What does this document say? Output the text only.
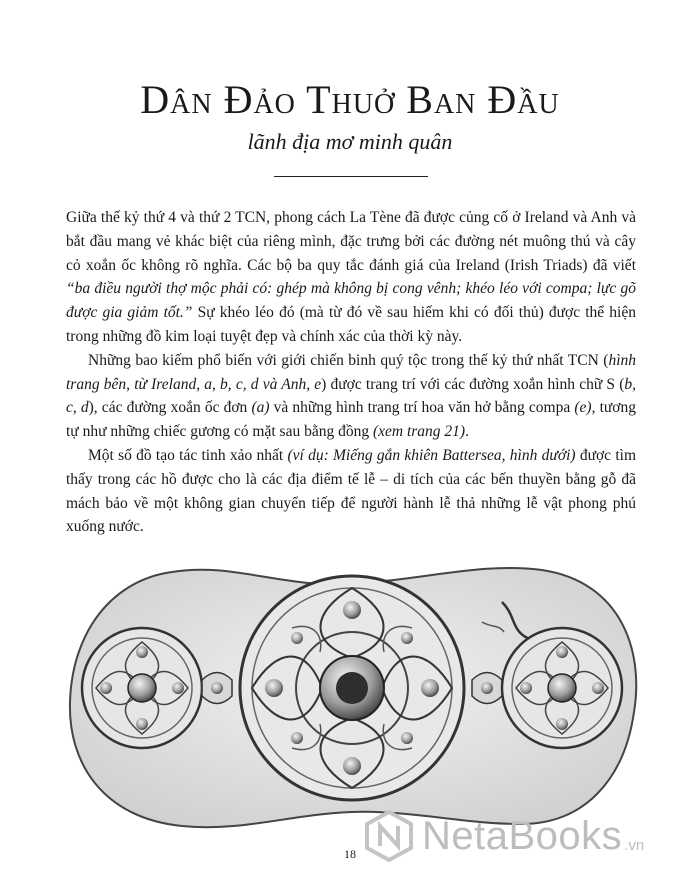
Dân Đảo Thuở Ban Đầu
lãnh địa mơ minh quân

Giữa thế kỷ thứ 4 và thứ 2 TCN, phong cách La Tène đã được củng cố ở Ireland và Anh và bắt đầu mang vẻ khác biệt của riêng mình, đặc trưng bởi các đường nét muông thú và cây cỏ xoắn ốc không rõ nghĩa. Các bộ ba quy tắc đánh giá của Ireland (Irish Triads) đã viết “ba điều người thợ mộc phải có: ghép mà không bị cong vênh; khéo léo với compa; lực gõ được gia giảm tốt.” Sự khéo léo đó (mà từ đó về sau hiếm khi có đối thủ) được thể hiện trong những đồ kim loại tuyệt đẹp và chính xác của thời kỳ này.

Những bao kiếm phổ biến với giới chiến binh quý tộc trong thế kỷ thứ nhất TCN (hình trang bên, từ Ireland, a, b, c, d và Anh, e) được trang trí với các đường xoắn hình chữ S (b, c, d), các đường xoắn ốc đơn (a) và những hình trang trí hoa văn hở bằng compa (e), tương tự như những chiếc gương có mặt sau bằng đồng (xem trang 21).

Một số đồ tạo tác tinh xảo nhất (ví dụ: Miếng gắn khiên Battersea, hình dưới) được tìm thấy trong các hồ được cho là các địa điểm tế lễ – di tích của các bến thuyền bằng gỗ đã mách bảo về một không gian chuyển tiếp để người hành lễ thả những lễ vật phong phú xuống nước.

18	NetaBooks .vn
